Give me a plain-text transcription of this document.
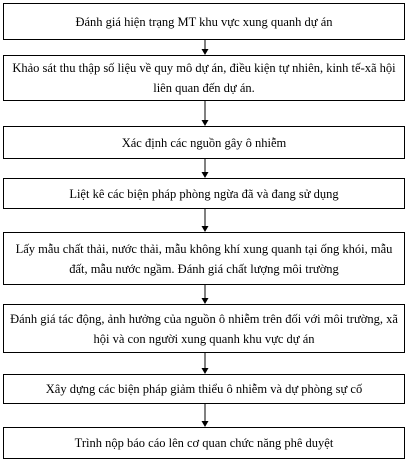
Đánh giá hiện trạng MT khu vực xung quanh dự án
Khảo sát thu thập số liệu về quy mô dự án, điều kiện tự nhiên, kinh tế-xã hội liên quan đến dự án.
Xác định các nguồn gây ô nhiễm
Liệt kê các biện pháp phòng ngừa đã và đang sử dụng
Lấy mẫu chất thải, nước thải, mẫu không khí xung quanh tại ống khói, mẫu đất, mẫu nước ngầm. Đánh giá chất lượng môi trường
Đánh giá tác động, ảnh hưởng của nguồn ô nhiễm trên đối với môi trường, xã hội và con người xung quanh khu vực dự án
Xây dựng các biện pháp giảm thiểu ô nhiễm và dự phòng sự cố
Trình nộp báo cáo lên cơ quan chức năng phê duyệt
